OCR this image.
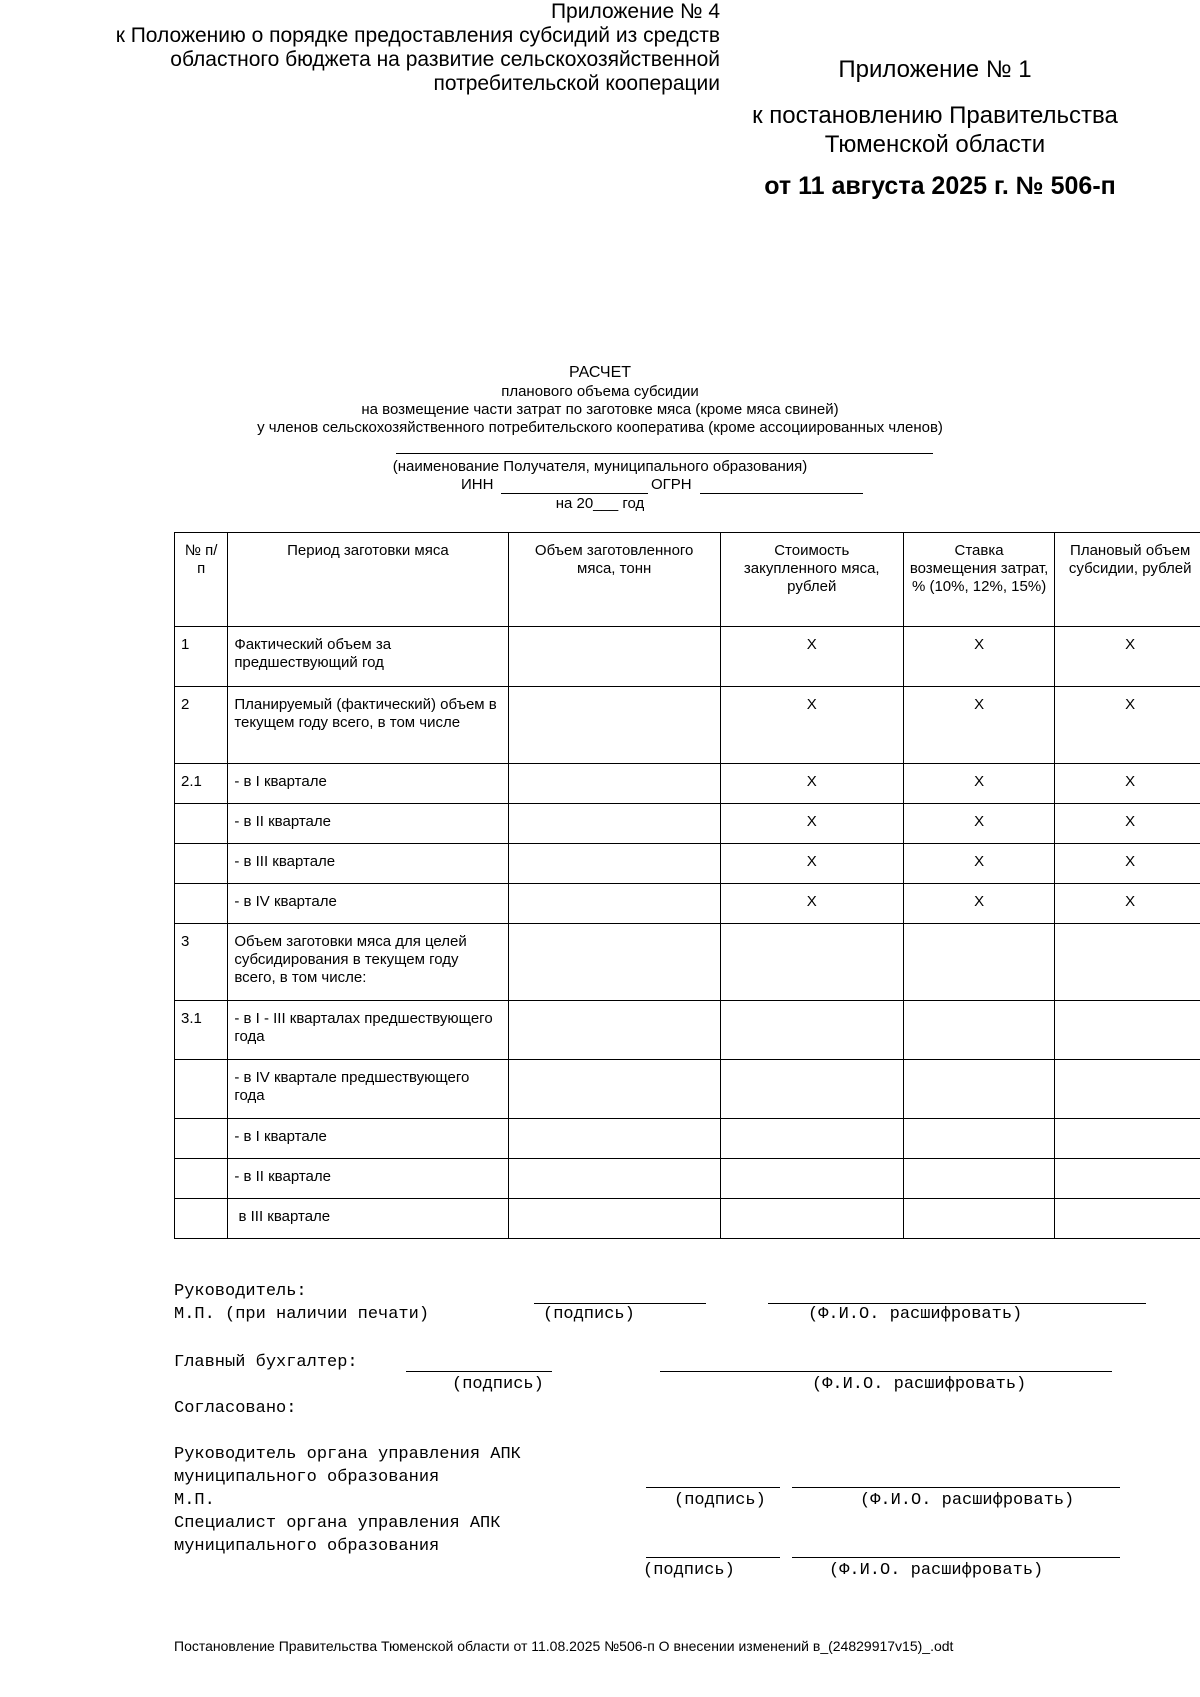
Приложение № 1
к постановлению Правительства
Тюменской области
от 11 августа 2025 г. № 506-п
Приложение № 4
к Положению о порядке предоставления субсидий из средств
областного бюджета на развитие сельскохозяйственной
потребительской кооперации
РАСЧЕТ
планового объема субсидии
на возмещение части затрат по заготовке мяса (кроме мяса свиней)
у членов сельскохозяйственного потребительского кооператива (кроме ассоциированных членов)
(наименование Получателя, муниципального образования)
ИНН	ОГРН
на 20___ год
№ п/п	Период заготовки мяса	Объем заготовленного мяса, тонн	Стоимость закупленного мяса, рублей	Ставка возмещения затрат, % (10%, 12%, 15%)	Плановый объем субсидии, рублей
1	Фактический объем за предшествующий год		Х	Х	Х
2	Планируемый (фактический) объем в текущем году всего, в том числе		Х	Х	Х
2.1	- в I квартале		Х	Х	Х
	- в II квартале		Х	Х	Х
	- в III квартале		Х	Х	Х
	- в IV квартале		Х	Х	Х
3	Объем заготовки мяса для целей субсидирования в текущем году всего, в том числе:				
3.1	- в I - III кварталах предшествующего года				
	- в IV квартале предшествующего года				
	- в I квартале				
	- в II квартале				
	в III квартале				
Руководитель:
М.П. (при наличии печати)	(подпись)	(Ф.И.О. расшифровать)
Главный бухгалтер:
(подпись)	(Ф.И.О. расшифровать)
Согласовано:
Руководитель органа управления АПК
муниципального образования
М.П.	(подпись)	(Ф.И.О. расшифровать)
Специалист органа управления АПК
муниципального образования
(подпись)	(Ф.И.О. расшифровать)
Постановление Правительства Тюменской области от 11.08.2025 №506-п О внесении изменений в_(24829917v15)_.odt
